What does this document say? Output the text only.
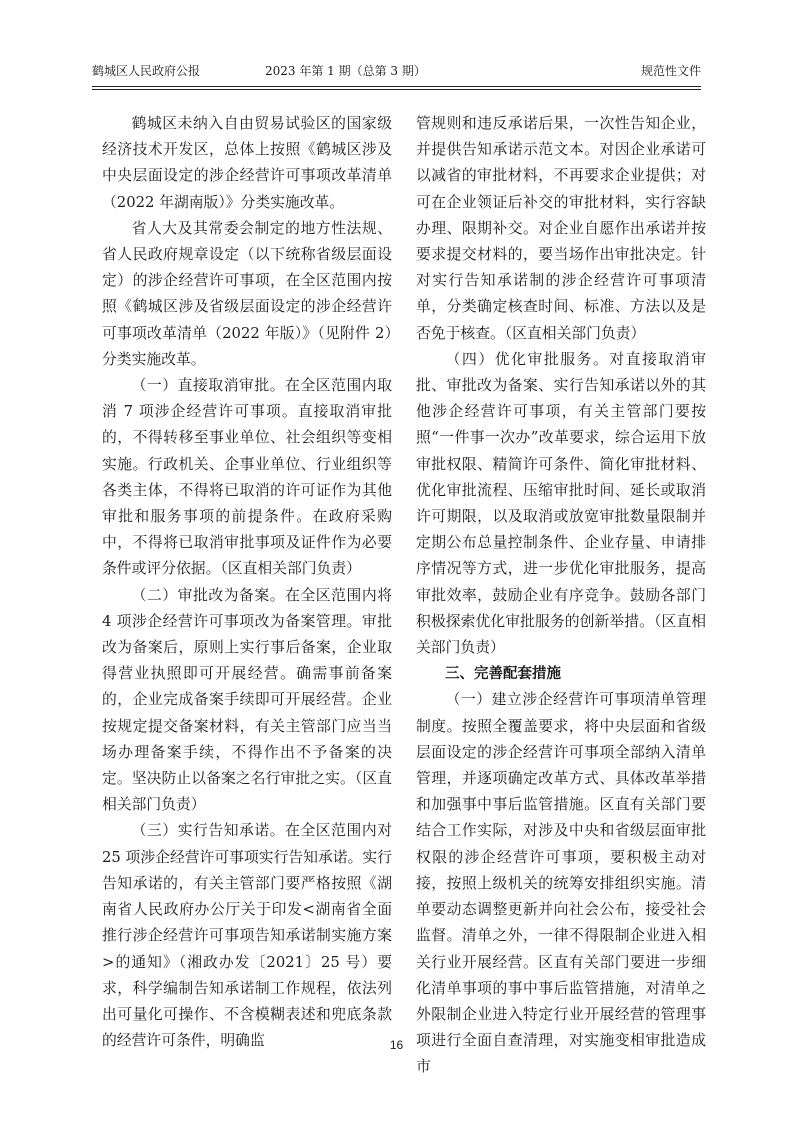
鹤城区人民政府公报	2023 年第 1 期（总第 3 期）	规范性文件

鹤城区未纳入自由贸易试验区的国家级经济技术开发区，总体上按照《鹤城区涉及中央层面设定的涉企经营许可事项改革清单（2022 年湖南版）》分类实施改革。

省人大及其常委会制定的地方性法规、省人民政府规章设定（以下统称省级层面设定）的涉企经营许可事项，在全区范围内按照《鹤城区涉及省级层面设定的涉企经营许可事项改革清单（2022 年版）》（见附件 2）分类实施改革。

（一）直接取消审批。在全区范围内取消 7 项涉企经营许可事项。直接取消审批的，不得转移至事业单位、社会组织等变相实施。行政机关、企事业单位、行业组织等各类主体，不得将已取消的许可证作为其他审批和服务事项的前提条件。在政府采购中，不得将已取消审批事项及证件作为必要条件或评分依据。（区直相关部门负责）

（二）审批改为备案。在全区范围内将 4 项涉企经营许可事项改为备案管理。审批改为备案后，原则上实行事后备案，企业取得营业执照即可开展经营。确需事前备案的，企业完成备案手续即可开展经营。企业按规定提交备案材料，有关主管部门应当当场办理备案手续，不得作出不予备案的决定。坚决防止以备案之名行审批之实。（区直相关部门负责）

（三）实行告知承诺。在全区范围内对 25 项涉企经营许可事项实行告知承诺。实行告知承诺的，有关主管部门要严格按照《湖南省人民政府办公厅关于印发<湖南省全面推行涉企经营许可事项告知承诺制实施方案>的通知》（湘政办发〔2021〕25 号）要求，科学编制告知承诺制工作规程，依法列出可量化可操作、不含模糊表述和兜底条款的经营许可条件，明确监

管规则和违反承诺后果，一次性告知企业，并提供告知承诺示范文本。对因企业承诺可以减省的审批材料，不再要求企业提供；对可在企业领证后补交的审批材料，实行容缺办理、限期补交。对企业自愿作出承诺并按要求提交材料的，要当场作出审批决定。针对实行告知承诺制的涉企经营许可事项清单，分类确定核查时间、标准、方法以及是否免于核查。（区直相关部门负责）

（四）优化审批服务。对直接取消审批、审批改为备案、实行告知承诺以外的其他涉企经营许可事项，有关主管部门要按照“一件事一次办”改革要求，综合运用下放审批权限、精简许可条件、简化审批材料、优化审批流程、压缩审批时间、延长或取消许可期限，以及取消或放宽审批数量限制并定期公布总量控制条件、企业存量、申请排序情况等方式，进一步优化审批服务，提高审批效率，鼓励企业有序竞争。鼓励各部门积极探索优化审批服务的创新举措。（区直相关部门负责）

三、完善配套措施

（一）建立涉企经营许可事项清单管理制度。按照全覆盖要求，将中央层面和省级层面设定的涉企经营许可事项全部纳入清单管理，并逐项确定改革方式、具体改革举措和加强事中事后监管措施。区直有关部门要结合工作实际，对涉及中央和省级层面审批权限的涉企经营许可事项，要积极主动对接，按照上级机关的统筹安排组织实施。清单要动态调整更新并向社会公布，接受社会监督。清单之外，一律不得限制企业进入相关行业开展经营。区直有关部门要进一步细化清单事项的事中事后监管措施，对清单之外限制企业进入特定行业开展经营的管理事项进行全面自查清理，对实施变相审批造成市

16
